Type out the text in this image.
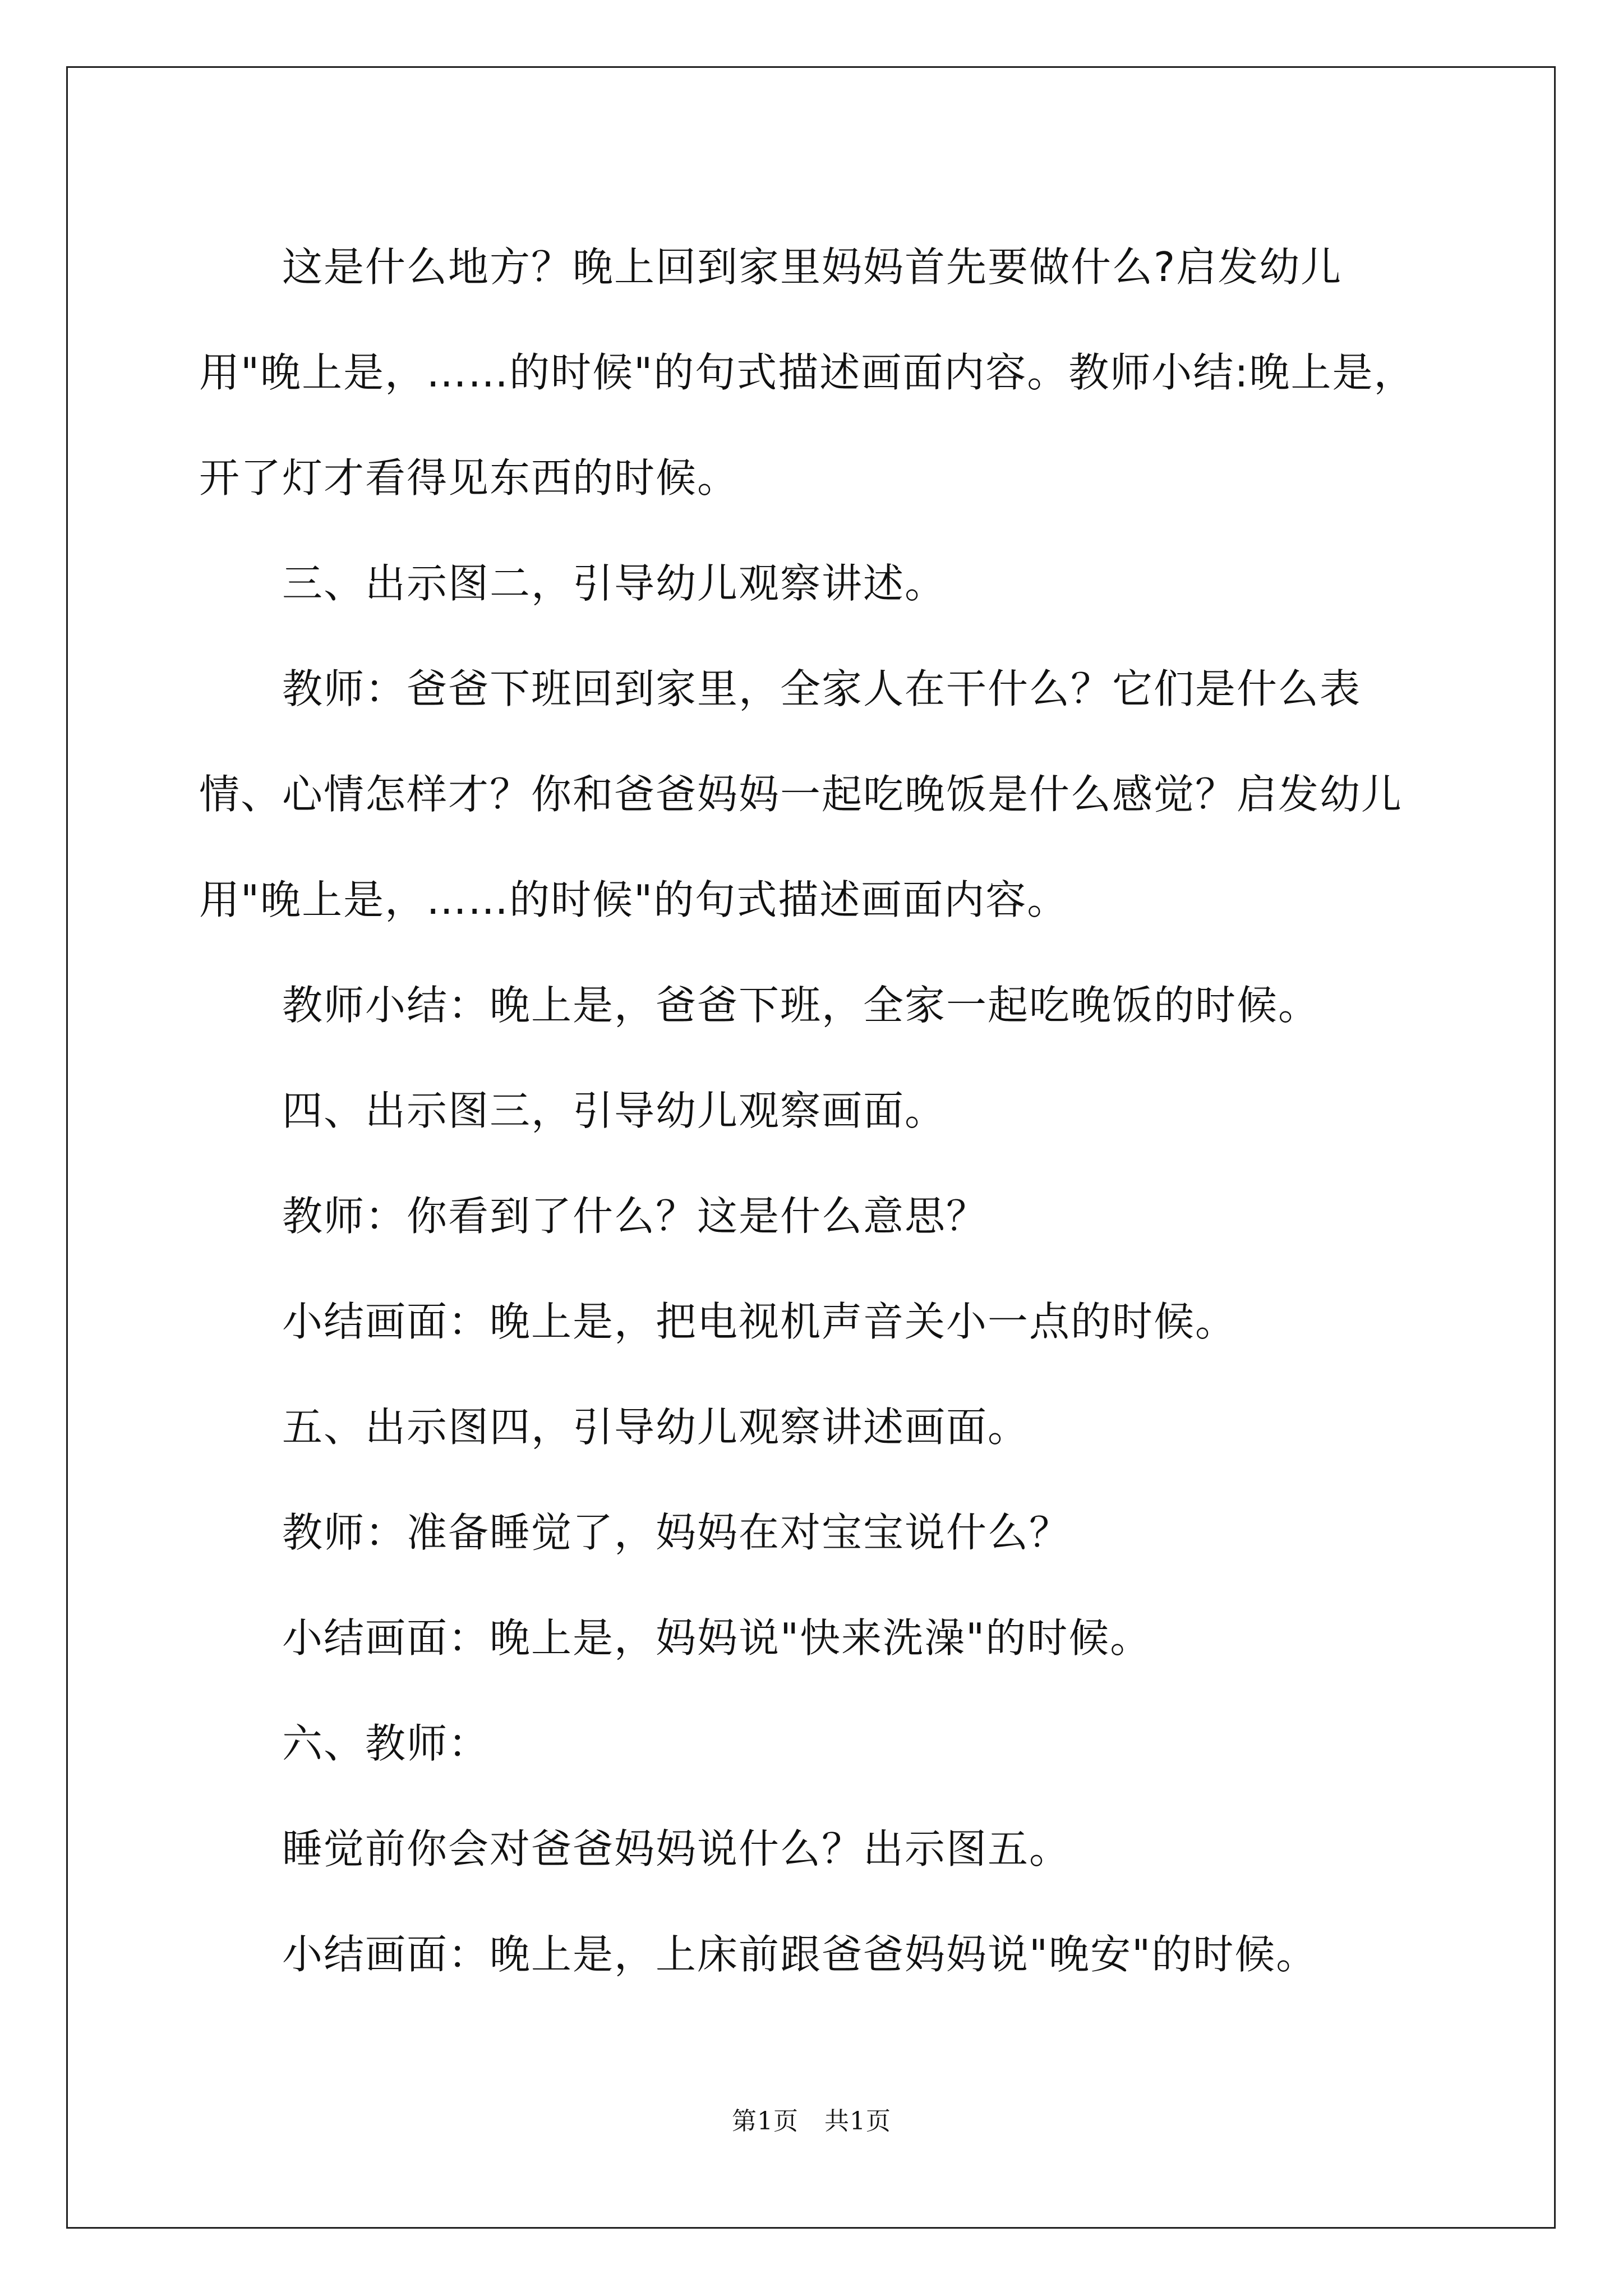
这是什么地方？晚上回到家里妈妈首先要做什么?启发幼儿用"晚上是，……的时候"的句式描述画面内容。教师小结:晚上是，开了灯才看得见东西的时候。

三、出示图二，引导幼儿观察讲述。

教师：爸爸下班回到家里，全家人在干什么？它们是什么表情、心情怎样才？你和爸爸妈妈一起吃晚饭是什么感觉？启发幼儿用"晚上是，……的时候"的句式描述画面内容。

教师小结：晚上是，爸爸下班，全家一起吃晚饭的时候。

四、出示图三，引导幼儿观察画面。

教师：你看到了什么？这是什么意思？

小结画面：晚上是，把电视机声音关小一点的时候。

五、出示图四，引导幼儿观察讲述画面。

教师：准备睡觉了，妈妈在对宝宝说什么？

小结画面：晚上是，妈妈说"快来洗澡"的时候。

六、教师：

睡觉前你会对爸爸妈妈说什么？出示图五。

小结画面：晚上是，上床前跟爸爸妈妈说"晚安"的时候。

第1页 共1页
